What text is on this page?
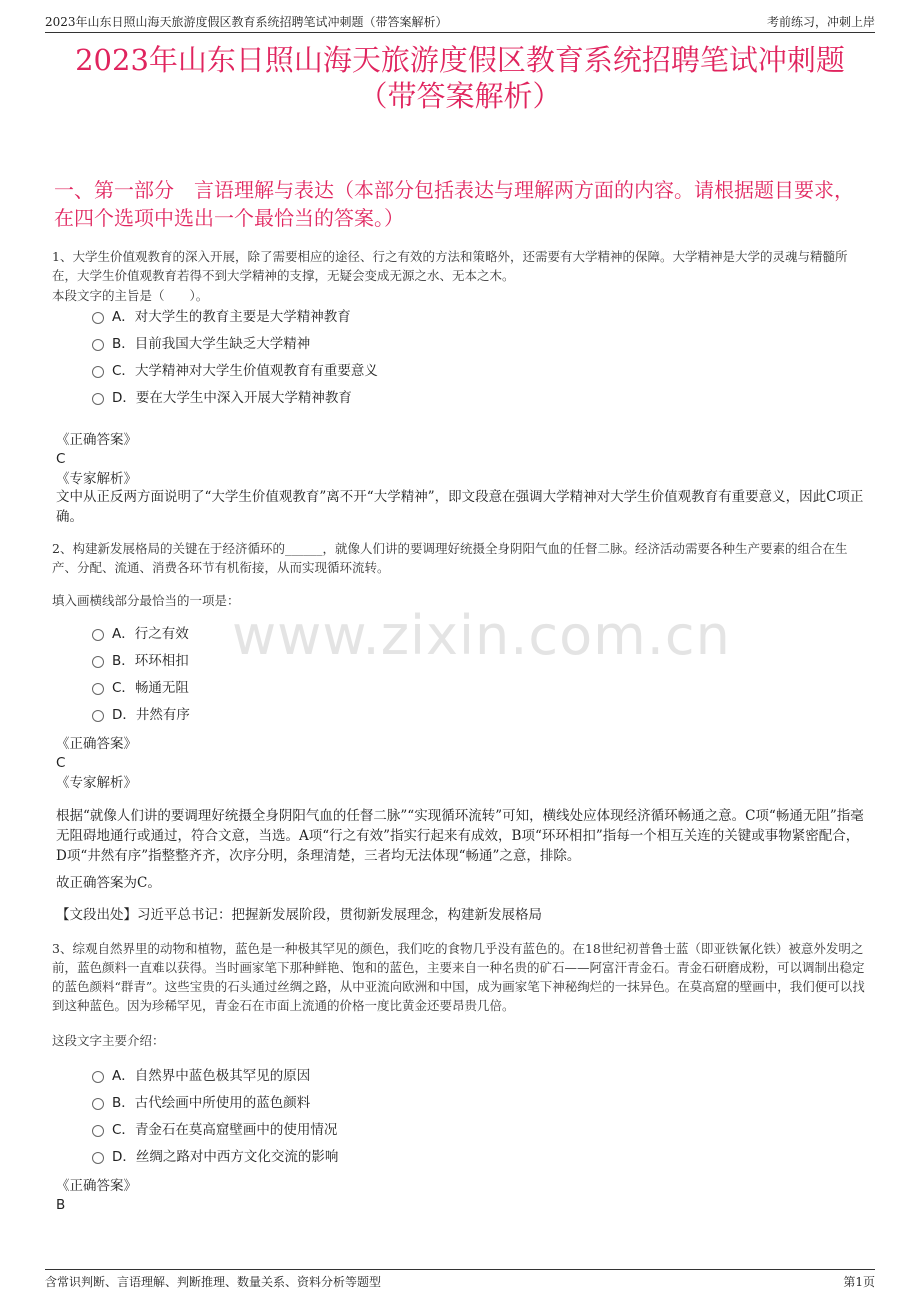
2023年山东日照山海天旅游度假区教育系统招聘笔试冲刺题（带答案解析）	考前练习，冲刺上岸
2023年山东日照山海天旅游度假区教育系统招聘笔试冲刺题
（带答案解析）
一、第一部分　言语理解与表达（本部分包括表达与理解两方面的内容。请根据题目要求，在四个选项中选出一个最恰当的答案。）
1、大学生价值观教育的深入开展，除了需要相应的途径、行之有效的方法和策略外，还需要有大学精神的保障。大学精神是大学的灵魂与精髓所在，大学生价值观教育若得不到大学精神的支撑，无疑会变成无源之水、无本之木。
本段文字的主旨是（　　）。
A．对大学生的教育主要是大学精神教育
B．目前我国大学生缺乏大学精神
C．大学精神对大学生价值观教育有重要意义
D．要在大学生中深入开展大学精神教育
《正确答案》
C
《专家解析》
文中从正反两方面说明了“大学生价值观教育”离不开“大学精神”，即文段意在强调大学精神对大学生价值观教育有重要意义，因此C项正确。
2、构建新发展格局的关键在于经济循环的______，就像人们讲的要调理好统摄全身阴阳气血的任督二脉。经济活动需要各种生产要素的组合在生产、分配、流通、消费各环节有机衔接，从而实现循环流转。
填入画横线部分最恰当的一项是：
www.zixin.com.cn
A．行之有效
B．环环相扣
C．畅通无阻
D．井然有序
《正确答案》
C
《专家解析》
根据“就像人们讲的要调理好统摄全身阴阳气血的任督二脉”“实现循环流转”可知，横线处应体现经济循环畅通之意。C项“畅通无阻”指毫无阻碍地通行或通过，符合文意，当选。A项“行之有效”指实行起来有成效，B项“环环相扣”指每一个相互关连的关键或事物紧密配合，D项“井然有序”指整整齐齐，次序分明，条理清楚，三者均无法体现“畅通”之意，排除。
故正确答案为C。
【文段出处】习近平总书记：把握新发展阶段，贯彻新发展理念，构建新发展格局
3、综观自然界里的动物和植物，蓝色是一种极其罕见的颜色，我们吃的食物几乎没有蓝色的。在18世纪初普鲁士蓝（即亚铁氰化铁）被意外发明之前，蓝色颜料一直难以获得。当时画家笔下那种鲜艳、饱和的蓝色，主要来自一种名贵的矿石——阿富汗青金石。青金石研磨成粉，可以调制出稳定的蓝色颜料“群青”。这些宝贵的石头通过丝绸之路，从中亚流向欧洲和中国，成为画家笔下神秘绚烂的一抹异色。在莫高窟的壁画中，我们便可以找到这种蓝色。因为珍稀罕见，青金石在市面上流通的价格一度比黄金还要昂贵几倍。
这段文字主要介绍：
A．自然界中蓝色极其罕见的原因
B．古代绘画中所使用的蓝色颜料
C．青金石在莫高窟壁画中的使用情况
D．丝绸之路对中西方文化交流的影响
《正确答案》
B
含常识判断、言语理解、判断推理、数量关系、资料分析等题型	第1页
